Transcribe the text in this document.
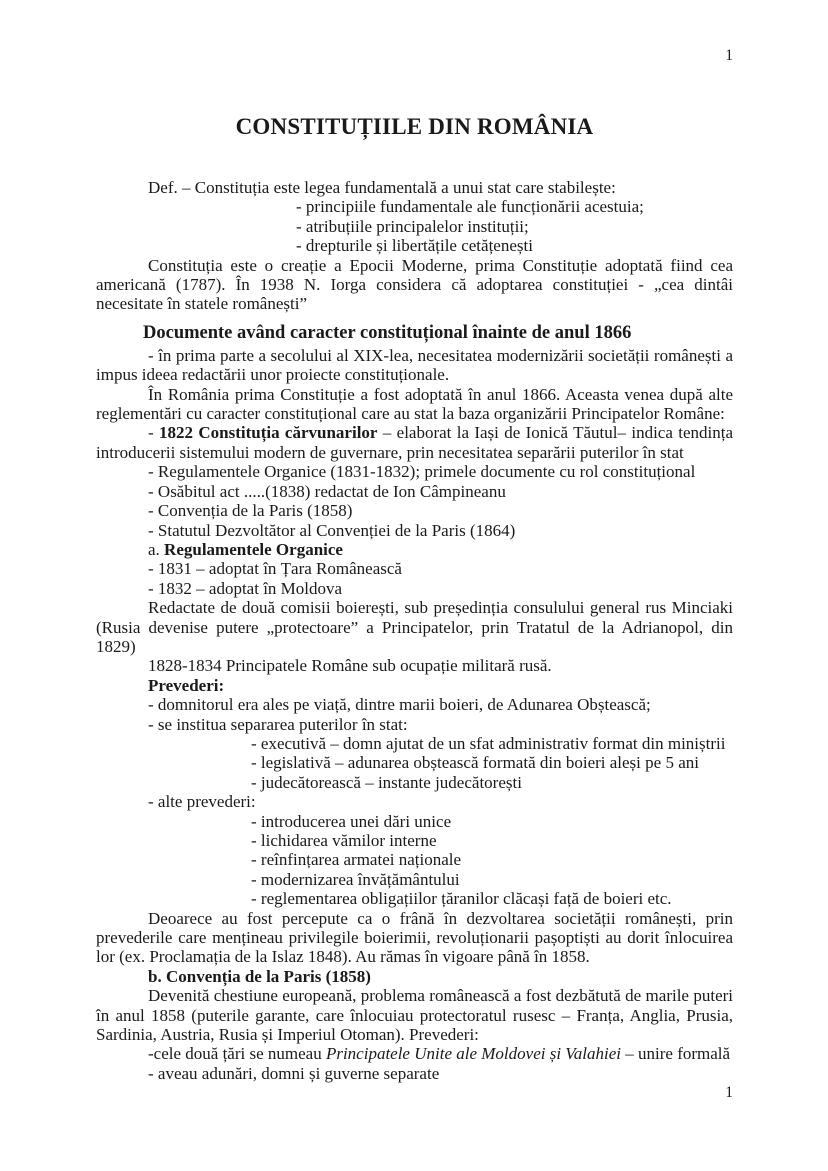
1
CONSTITUȚIILE DIN ROMÂNIA

Def. – Constituția este legea fundamentală a unui stat care stabilește:

- principiile fundamentale ale funcționării acestuia;

- atribuțiile principalelor instituții;

- drepturile și libertățile cetățenești

Constituția este o creație a Epocii Moderne, prima Constituție adoptată fiind cea americană (1787). În 1938 N. Iorga considera că adoptarea constituției - „cea dintâi necesitate în statele românești”

Documente având caracter constituțional înainte de anul 1866

- în prima parte a secolului al XIX-lea, necesitatea modernizării societății românești a impus ideea redactării unor proiecte constituționale.

În România prima Constituție a fost adoptată în anul 1866. Aceasta venea după alte reglementări cu caracter constituțional care au stat la baza organizării Principatelor Române:

- 1822 Constituția cărvunarilor – elaborat la Iași de Ionică Tăutul– indica tendința introducerii sistemului modern de guvernare, prin necesitatea separării puterilor în stat

- Regulamentele Organice (1831-1832); primele documente cu rol constituțional

- Osăbitul act .....(1838) redactat de Ion Câmpineanu

- Convenția de la Paris (1858)

- Statutul Dezvoltător al Convenției de la Paris (1864)

a. Regulamentele Organice

- 1831 – adoptat în Țara Românească

- 1832 – adoptat în Moldova

Redactate de două comisii boierești, sub președinția consulului general rus Minciaki (Rusia devenise putere „protectoare” a Principatelor, prin Tratatul de la Adrianopol, din 1829)

1828-1834 Principatele Române sub ocupație militară rusă.

Prevederi:

- domnitorul era ales pe viață, dintre marii boieri, de Adunarea Obștească;

- se institua separarea puterilor în stat:

- executivă – domn ajutat de un sfat administrativ format din miniștrii

- legislativă – adunarea obștească formată din boieri aleși pe 5 ani

- judecătorească – instante judecătorești

- alte prevederi:

- introducerea unei dări unice

- lichidarea vămilor interne

- reînfințarea armatei naționale

- modernizarea învățământului

- reglementarea obligațiilor țăranilor clăcași față de boieri etc.

Deoarece au fost percepute ca o frână în dezvoltarea societății românești, prin prevederile care mențineau privilegile boierimii, revoluționarii pașoptiști au dorit înlocuirea lor (ex. Proclamația de la Islaz 1848). Au rămas în vigoare până în 1858.

b. Convenția de la Paris (1858)

Devenită chestiune europeană, problema românească a fost dezbătută de marile puteri în anul 1858 (puterile garante, care înlocuiau protectoratul rusesc – Franța, Anglia, Prusia, Sardinia, Austria, Rusia și Imperiul Otoman). Prevederi:

-cele două țări se numeau Principatele Unite ale Moldovei și Valahiei – unire formală

- aveau adunări, domni și guverne separate

1
